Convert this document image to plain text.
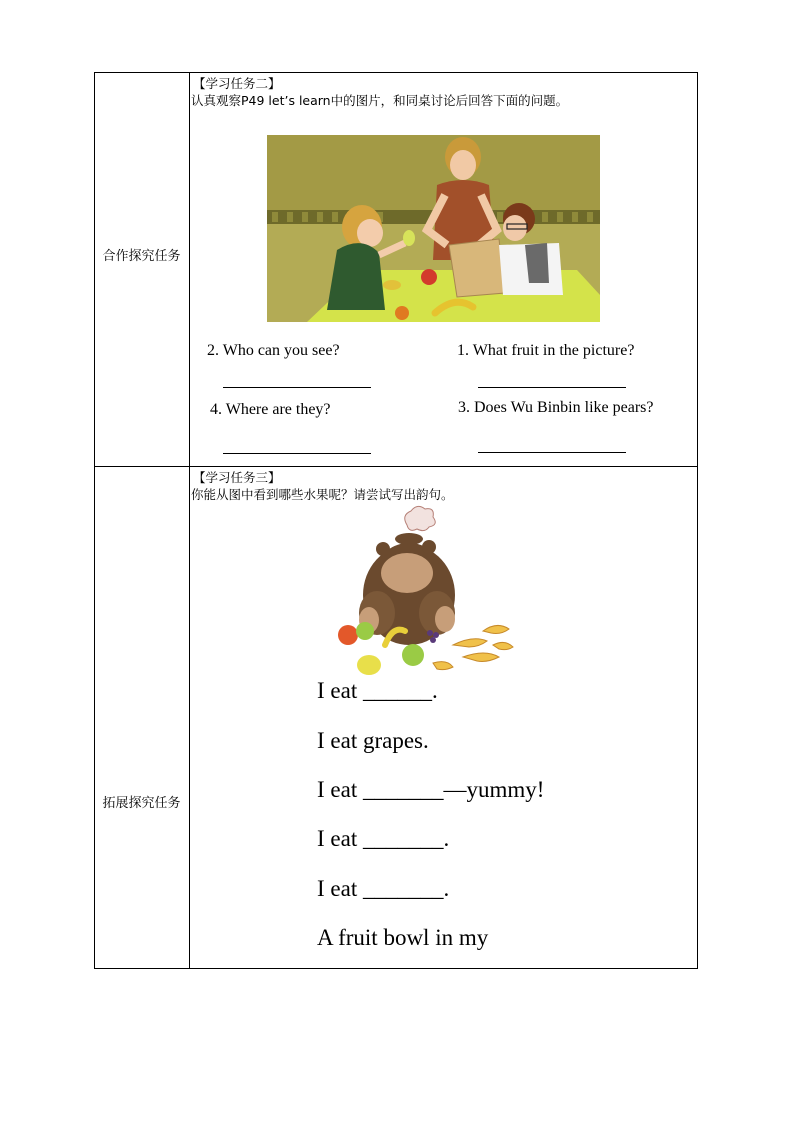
合作探究任务
【学习任务二】
认真观察P49 let’s learn中的图片，和同桌讨论后回答下面的问题。
2. Who can you see?	1. What fruit in the picture?
4. Where are they?	3. Does Wu Binbin like pears?
拓展探究任务
【学习任务三】
你能从图中看到哪些水果呢？请尝试写出韵句。
I eat ______.
I eat grapes.
I eat _______—yummy!
I eat _______.
I eat _______.
A fruit bowl in my
